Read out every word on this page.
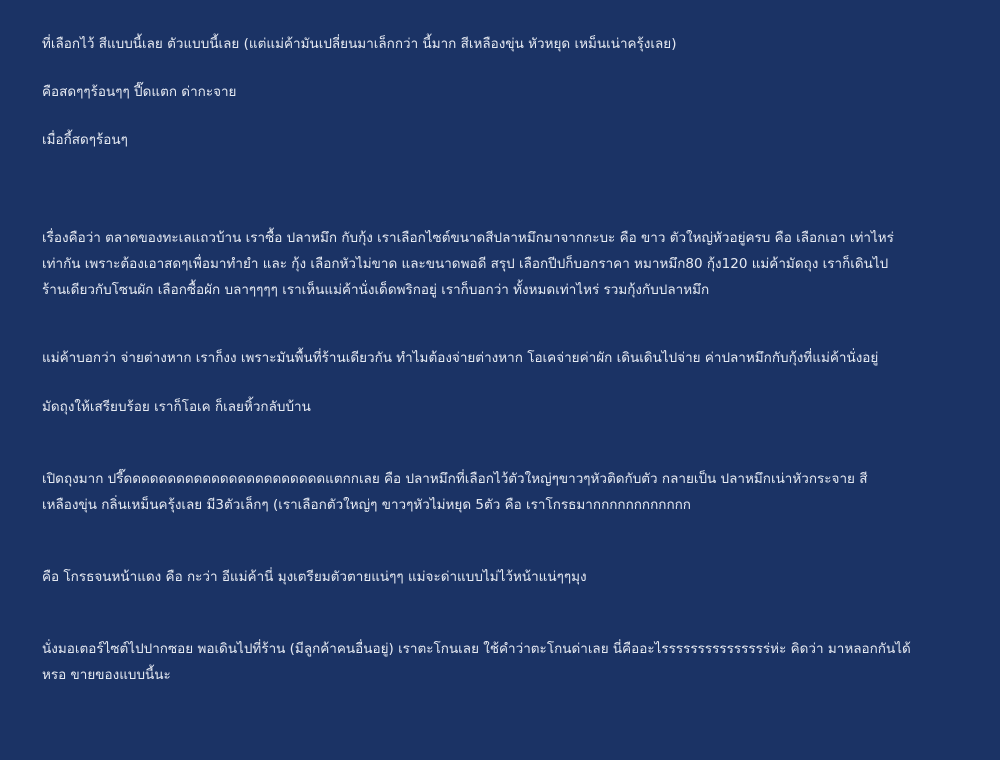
ที่เลือกไว้ สีแบบนี้เลย ตัวแบบนี้เลย (แต่แม่ค้ามันเปลี่ยนมาเล็กกว่า นี้มาก สีเหลืองขุ่น หัวหยุด เหม็นเน่าครุ้งเลย)

คือสดๆๆร้อนๆๆ ปี๊ดแตก ด่ากะจาย

เมื่อกี้สดๆร้อนๆ

เรื่องคือว่า ตลาดของทะเลแถวบ้าน เราซื้อ ปลาหมึก กับกุ้ง เราเลือกไซต์ขนาดสีปลาหมึกมาจากกะบะ คือ ขาว ตัวใหญ่หัวอยู่ครบ คือ เลือกเอา เท่าไหร่
เท่ากัน เพราะต้องเอาสดๆเพื่อมาทำยำ และ กุ้ง เลือกหัวไม่ขาด และขนาดพอดี สรุป เลือกปีปก็บอกราคา หมาหมึก80 กุ้ง120 แม่ค้ามัดถุง เราก็เดินไป
ร้านเดียวกับโซนผัก เลือกซื้อผัก บลาๆๆๆๆ เราเห็นแม่ค้านั่งเด็ดพริกอยู่ เราก็บอกว่า ทั้งหมดเท่าไหร่ รวมกุ้งกับปลาหมึก

แม่ค้าบอกว่า จ่ายต่างหาก เราก็งง เพราะมันพื้นที่ร้านเดียวกัน ทำไมต้องจ่ายต่างหาก โอเคจ่ายค่าผัก เดินเดินไปจ่าย ค่าปลาหมึกกับกุ้งที่แม่ค้านั่งอยู่

มัดถุงให้เสรียบร้อย เราก็โอเค ก็เลยหิ้วกลับบ้าน

เปิดถุงมาก ปรี๊ดดดดดดดดดดดดดดดดดดดดดดดแตกกเลย คือ ปลาหมึกที่เลือกไว้ตัวใหญ่ๆขาวๆหัวติดกับตัว กลายเป็น ปลาหมึกเน่าหัวกระจาย สี
เหลืองขุ่น กลิ่นเหม็นครุ้งเลย มี3ตัวเล็กๆ (เราเลือกตัวใหญ่ๆ ขาวๆหัวไม่หยุด 5ตัว คือ เราโกรธมากกกกกกกกกกกก

คือ โกรธจนหน้าแดง คือ กะว่า อีแม่ค้านี่ มุงเตรียมตัวตายแน่ๆๆ แม่จะด่าแบบไม่ไว้หน้าแน่ๆๆมุง

นั่งมอเตอร์ไซต์ไปปากซอย พอเดินไปที่ร้าน (มีลูกค้าคนอื่นอยู่) เราตะโกนเลย ใช้คำว่าตะโกนด่าเลย นี่คืออะไรรรรรรรรรรรรรรร่ห่ะ คิดว่า มาหลอกกันได้
หรอ ขายของแบบนี้นะ
